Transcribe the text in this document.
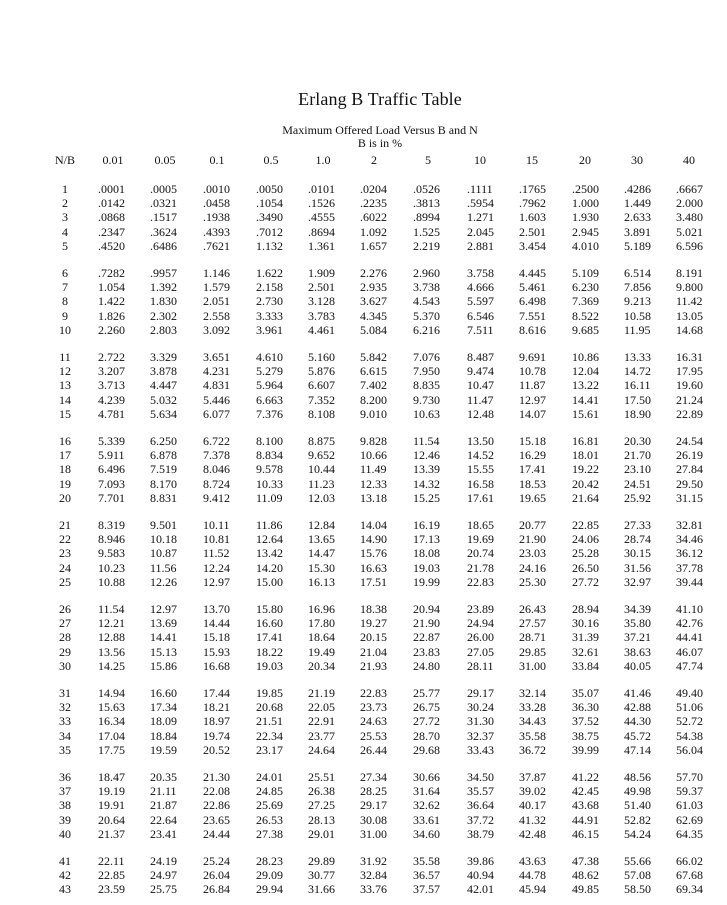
Erlang B Traffic Table
Maximum Offered Load Versus B and N
B is in %
N/B	0.01	0.05	0.1	0.5	1.0	2	5	10	15	20	30	40
1	.0001 .0005 .0010 .0050 .0101 .0204 .0526 .1111 .1765 .2500 .4286 .6667
2	.0142 .0321 .0458 .1054 .1526 .2235 .3813 .5954 .7962 1.000 1.449 2.000
3	.0868 .1517 .1938 .3490 .4555 .6022 .8994 1.271 1.603 1.930 2.633 3.480
4	.2347 .3624 .4393 .7012 .8694 1.092 1.525 2.045 2.501 2.945 3.891 5.021
5	.4520 .6486 .7621 1.132 1.361 1.657 2.219 2.881 3.454 4.010 5.189 6.596
6	.7282 .9957 1.146 1.622 1.909 2.276 2.960 3.758 4.445 5.109 6.514 8.191
7	1.054 1.392 1.579 2.158 2.501 2.935 3.738 4.666 5.461 6.230 7.856 9.800
8	1.422 1.830 2.051 2.730 3.128 3.627 4.543 5.597 6.498 7.369 9.213 11.42
9	1.826 2.302 2.558 3.333 3.783 4.345 5.370 6.546 7.551 8.522 10.58 13.05
10	2.260 2.803 3.092 3.961 4.461 5.084 6.216 7.511 8.616 9.685 11.95 14.68
11	2.722 3.329 3.651 4.610 5.160 5.842 7.076 8.487 9.691 10.86 13.33 16.31
12	3.207 3.878 4.231 5.279 5.876 6.615 7.950 9.474 10.78 12.04 14.72 17.95
13	3.713 4.447 4.831 5.964 6.607 7.402 8.835 10.47 11.87 13.22 16.11 19.60
14	4.239 5.032 5.446 6.663 7.352 8.200 9.730 11.47 12.97 14.41 17.50 21.24
15	4.781 5.634 6.077 7.376 8.108 9.010 10.63 12.48 14.07 15.61 18.90 22.89
16	5.339 6.250 6.722 8.100 8.875 9.828 11.54 13.50 15.18 16.81 20.30 24.54
17	5.911 6.878 7.378 8.834 9.652 10.66 12.46 14.52 16.29 18.01 21.70 26.19
18	6.496 7.519 8.046 9.578 10.44 11.49 13.39 15.55 17.41 19.22 23.10 27.84
19	7.093 8.170 8.724 10.33 11.23 12.33 14.32 16.58 18.53 20.42 24.51 29.50
20	7.701 8.831 9.412 11.09 12.03 13.18 15.25 17.61 19.65 21.64 25.92 31.15
21	8.319 9.501 10.11 11.86 12.84 14.04 16.19 18.65 20.77 22.85 27.33 32.81
22	8.946 10.18 10.81 12.64 13.65 14.90 17.13 19.69 21.90 24.06 28.74 34.46
23	9.583 10.87 11.52 13.42 14.47 15.76 18.08 20.74 23.03 25.28 30.15 36.12
24	10.23 11.56 12.24 14.20 15.30 16.63 19.03 21.78 24.16 26.50 31.56 37.78
25	10.88 12.26 12.97 15.00 16.13 17.51 19.99 22.83 25.30 27.72 32.97 39.44
26	11.54 12.97 13.70 15.80 16.96 18.38 20.94 23.89 26.43 28.94 34.39 41.10
27	12.21 13.69 14.44 16.60 17.80 19.27 21.90 24.94 27.57 30.16 35.80 42.76
28	12.88 14.41 15.18 17.41 18.64 20.15 22.87 26.00 28.71 31.39 37.21 44.41
29	13.56 15.13 15.93 18.22 19.49 21.04 23.83 27.05 29.85 32.61 38.63 46.07
30	14.25 15.86 16.68 19.03 20.34 21.93 24.80 28.11 31.00 33.84 40.05 47.74
31	14.94 16.60 17.44 19.85 21.19 22.83 25.77 29.17 32.14 35.07 41.46 49.40
32	15.63 17.34 18.21 20.68 22.05 23.73 26.75 30.24 33.28 36.30 42.88 51.06
33	16.34 18.09 18.97 21.51 22.91 24.63 27.72 31.30 34.43 37.52 44.30 52.72
34	17.04 18.84 19.74 22.34 23.77 25.53 28.70 32.37 35.58 38.75 45.72 54.38
35	17.75 19.59 20.52 23.17 24.64 26.44 29.68 33.43 36.72 39.99 47.14 56.04
36	18.47 20.35 21.30 24.01 25.51 27.34 30.66 34.50 37.87 41.22 48.56 57.70
37	19.19 21.11 22.08 24.85 26.38 28.25 31.64 35.57 39.02 42.45 49.98 59.37
38	19.91 21.87 22.86 25.69 27.25 29.17 32.62 36.64 40.17 43.68 51.40 61.03
39	20.64 22.64 23.65 26.53 28.13 30.08 33.61 37.72 41.32 44.91 52.82 62.69
40	21.37 23.41 24.44 27.38 29.01 31.00 34.60 38.79 42.48 46.15 54.24 64.35
41	22.11 24.19 25.24 28.23 29.89 31.92 35.58 39.86 43.63 47.38 55.66 66.02
42	22.85 24.97 26.04 29.09 30.77 32.84 36.57 40.94 44.78 48.62 57.08 67.68
43	23.59 25.75 26.84 29.94 31.66 33.76 37.57 42.01 45.94 49.85 58.50 69.34
